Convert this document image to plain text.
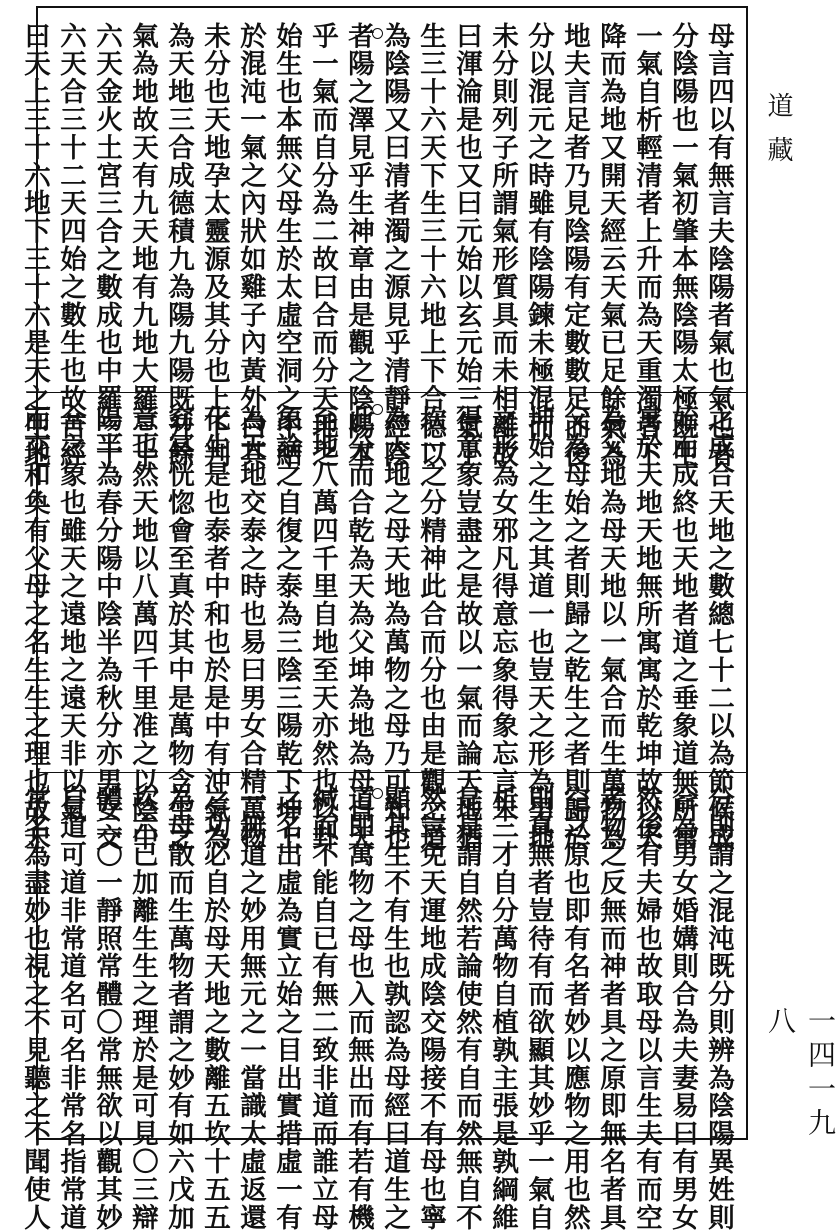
母言四以有無言夫陰陽者氣也氣也者
分陰陽也一氣初肇本無陰陽太極既生
一氣自析輕清者上升而為天重濁者下
降而為地又開天經云天氣已足餘氣為
地夫言足者乃見陰陽有定數數足而後
分以混元之時雖有陰陽鍊未極混而
未分則列子所謂氣形質具而未相離故
曰渾淪是也又曰元始以玄元始三氣上
生三十六天下生三十六地上下合德以
為陰陽又曰清者濁之源見乎清靜經陰
者陽之澤見乎生神章由是觀之陰陽本
乎一氣而自分為二故曰合而分天地之
始生也本無父母生於太虛空洞之中結
於混沌一氣之內狀如雞子內黃外白其
未分也天地孕太靈源及其分也上下判
為天地三合成德積九為陽九陽既升餘
氣為地故天有九天地有九地大羅三十
六天金火土宮三合之數成也中羅三十
六天合三十二天四始之數生也故苦經
曰天上三十六地下三十六是天之生地
之成合天地之數總七十二以為節候成
始而成終也天地者道之垂象道無所寓
寓於天地天地無所寓寓於乾坤故以天
為父地為母天地以一氣合而生萬物為
父為母始之者則歸之乾生之者則歸於
坤始之生之其道一也豈天之形為男地
之形為女邪凡得意忘象得象忘言未
得意象豈盡之是故以一氣而論天地猶
坎一之分精神此合而分也由是觀之道
為天地之母天地為萬物之母乃可知也
此分而合乾為天為父坤為地為母自天
至地八萬四千里自地至天亦然也以卦
象論之自復之泰為三陰三陽乾下坤上
為天地交泰之時也易曰男女合精萬物
化生是也泰者中和也於是中有沖氣為
窈冥恍惚會至真於其中是萬物含生之
意也然天地以八萬四千里准之以陰中
陽半為春分陽中陰半為秋分亦男女交
合之象也雖天之遠地之遠天非以氣
而交和奐有父母之名生生之理也故未
分則謂之混沌既分則辨為陰陽異姓則
合為男女婚媾則合為夫妻易曰有男女
然後有夫婦也故取母以言生夫有而空
者物之反無而神者具之原即無名者具
空之原也即有名者妙以應物之用也然
則真無者豈待有而欲顯其妙乎一氣自
析三才自分萬物自植孰主張是孰綱維
是是謂自然若論使然有自而然無自不
然豈免天運地成陰交陽接不有母也寧
顯其生不有生也孰認為母經曰道生之
道即萬物之母也入而無出而有若有機
緘而不能自已有無二致非道而誰立母
之名出虛為實立始之目出實措虛一有
一無道之妙用無元之一當識太虛返還
之功必自於母天地之數離五坎十五五
為母散而生萬物者謂之妙有如六戊加
坎六已加離生生之理於是可見〇三辯
體二〇一靜照常體〇常無欲以觀其妙
自道可道非常道名可名非常名指常道
常名為盡妙也視之不見聽之不聞使人
道藏
一四一九八
